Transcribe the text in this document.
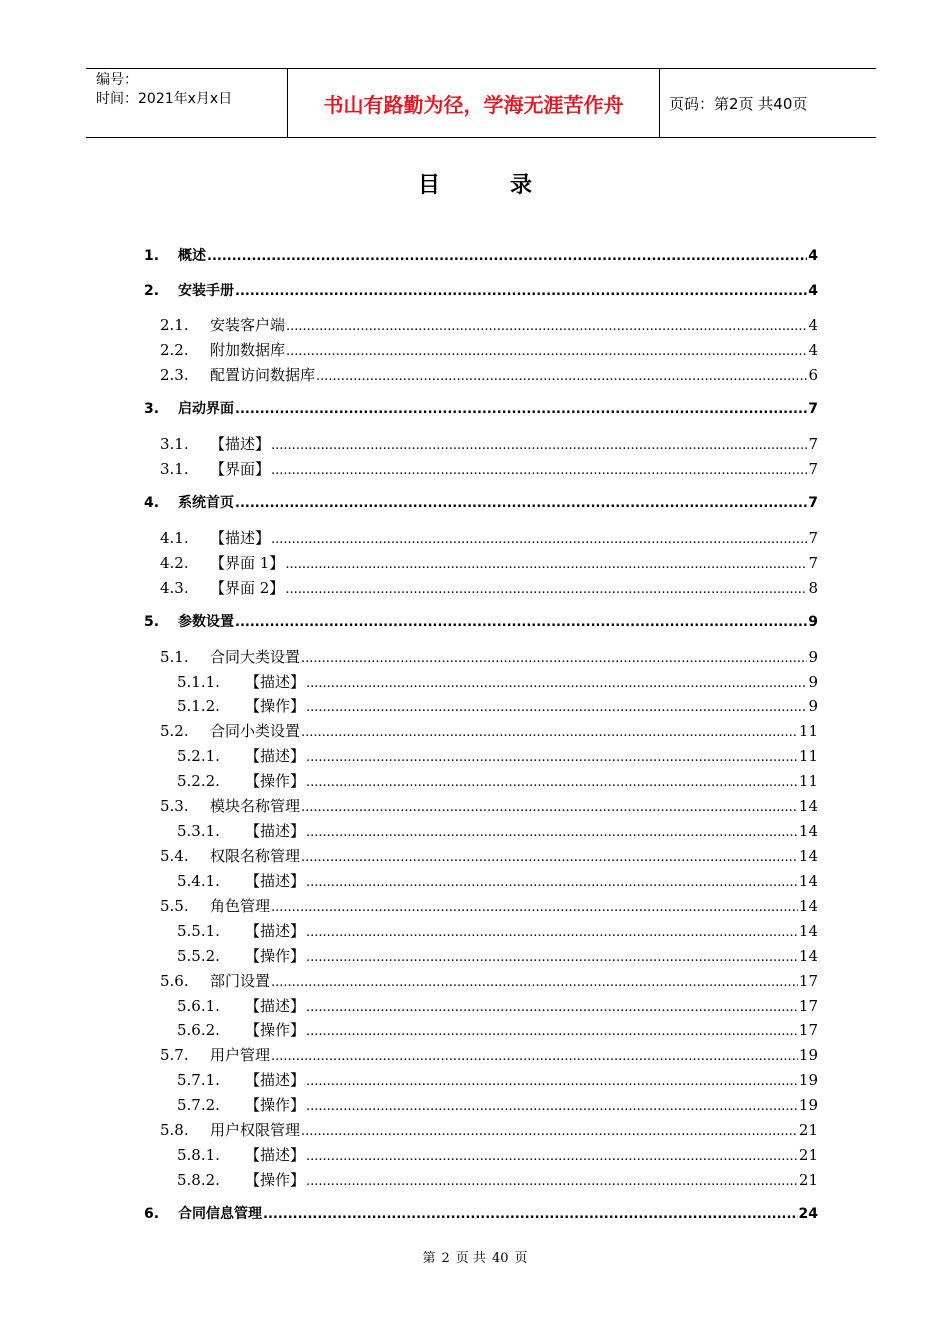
编号：
时间：2021年x月x日	书山有路勤为径，学海无涯苦作舟	页码：第2页 共40页
目录
1.	概述 .....	4
2.	安装手册 .....	4
2.1.	安装客户端 .....	4
2.2.	附加数据库 .....	4
2.3.	配置访问数据库 .....	6
3.	启动界面 .....	7
3.1.	【描述】 .....	7
3.1.	【界面】 .....	7
4.	系统首页 .....	7
4.1.	【描述】 .....	7
4.2.	【界面 1】 .....	7
4.3.	【界面 2】 .....	8
5.	参数设置 .....	9
5.1.	合同大类设置 .....	9
5.1.1.	【描述】 .....	9
5.1.2.	【操作】 .....	9
5.2.	合同小类设置 .....	11
5.2.1.	【描述】 .....	11
5.2.2.	【操作】 .....	11
5.3.	模块名称管理 .....	14
5.3.1.	【描述】 .....	14
5.4.	权限名称管理 .....	14
5.4.1.	【描述】 .....	14
5.5.	角色管理 .....	14
5.5.1.	【描述】 .....	14
5.5.2.	【操作】 .....	14
5.6.	部门设置 .....	17
5.6.1.	【描述】 .....	17
5.6.2.	【操作】 .....	17
5.7.	用户管理 .....	19
5.7.1.	【描述】 .....	19
5.7.2.	【操作】 .....	19
5.8.	用户权限管理 .....	21
5.8.1.	【描述】 .....	21
5.8.2.	【操作】 .....	21
6.	合同信息管理 .....	24
第 2 页 共 40 页
